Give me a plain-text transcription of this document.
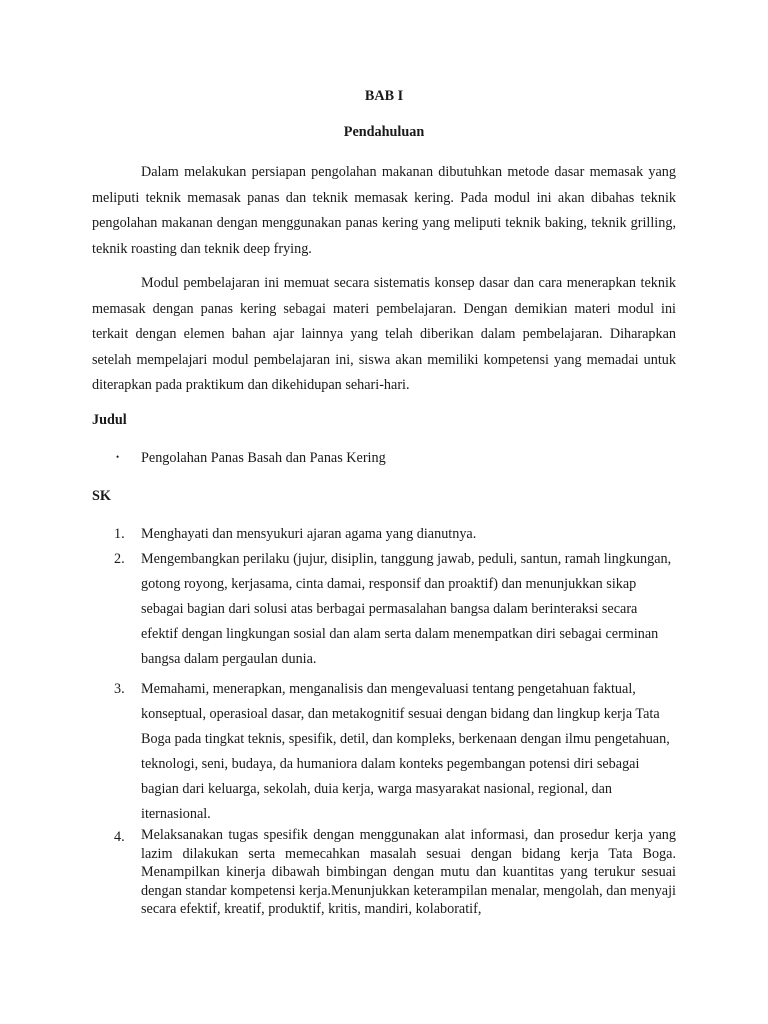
BAB I
Pendahuluan

Dalam melakukan persiapan pengolahan makanan dibutuhkan metode dasar memasak yang meliputi teknik memasak panas dan teknik memasak kering. Pada modul ini akan dibahas teknik pengolahan makanan dengan menggunakan panas kering yang meliputi teknik baking, teknik grilling, teknik roasting dan teknik deep frying.

Modul pembelajaran ini memuat secara sistematis konsep dasar dan cara menerapkan teknik memasak dengan panas kering sebagai materi pembelajaran. Dengan demikian materi modul ini terkait dengan elemen bahan ajar lainnya yang telah diberikan dalam pembelajaran. Diharapkan setelah mempelajari modul pembelajaran ini, siswa akan memiliki kompetensi yang memadai untuk diterapkan pada praktikum dan dikehidupan sehari-hari.

Judul
• Pengolahan Panas Basah dan Panas Kering
SK
1. Menghayati dan mensyukuri ajaran agama yang dianutnya.

2. Mengembangkan perilaku (jujur, disiplin, tanggung jawab, peduli, santun, ramah lingkungan, gotong royong, kerjasama, cinta damai, responsif dan proaktif) dan menunjukkan sikap sebagai bagian dari solusi atas berbagai permasalahan bangsa dalam berinteraksi secara efektif dengan lingkungan sosial dan alam serta dalam menempatkan diri sebagai cerminan bangsa dalam pergaulan dunia.

3. Memahami, menerapkan, menganalisis dan mengevaluasi tentang pengetahuan faktual, konseptual, operasioal dasar, dan metakognitif sesuai dengan bidang dan lingkup kerja Tata Boga pada tingkat teknis, spesifik, detil, dan kompleks, berkenaan dengan ilmu pengetahuan, teknologi, seni, budaya, da humaniora dalam konteks pegembangan potensi diri sebagai bagian dari keluarga, sekolah, duia kerja, warga masyarakat nasional, regional, dan iternasional.

4. Melaksanakan tugas spesifik dengan menggunakan alat informasi, dan prosedur kerja yang lazim dilakukan serta memecahkan masalah sesuai dengan bidang kerja Tata Boga. Menampilkan kinerja dibawah bimbingan dengan mutu dan kuantitas yang terukur sesuai dengan standar kompetensi kerja.Menunjukkan keterampilan menalar, mengolah, dan menyaji secara efektif, kreatif, produktif, kritis, mandiri, kolaboratif,
